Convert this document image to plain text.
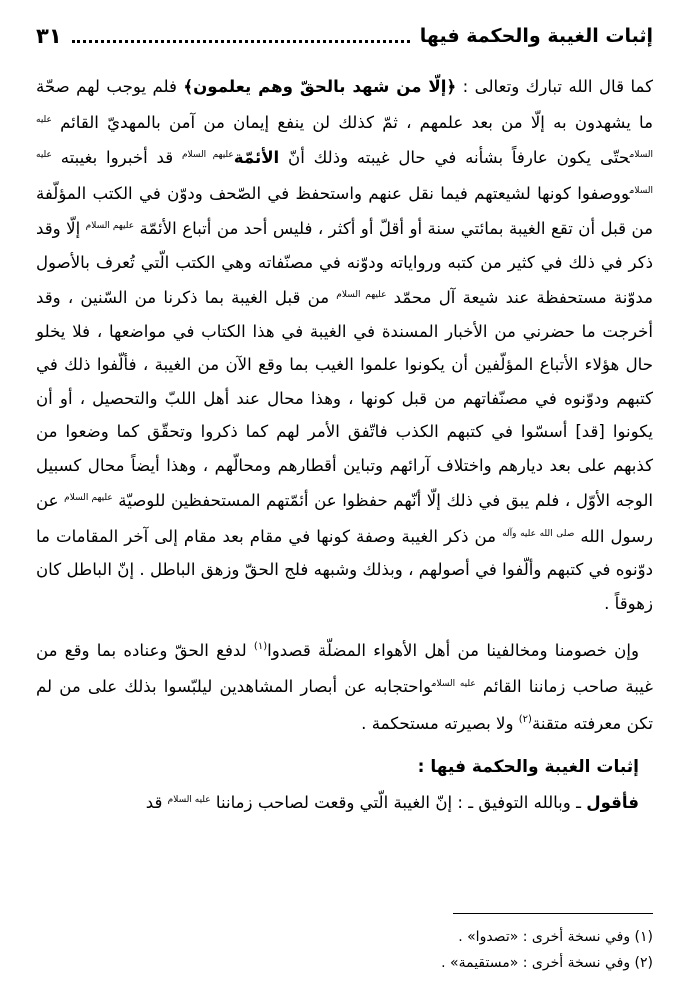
إثبات الغيبة والحكمة فيها
٣١

كما قال الله تبارك وتعالى : ﴿إلّا من شهد بالحقّ وهم يعلمون﴾ فلم يوجب لهم صحّة ما يشهدون به إلّا من بعد علمهم ، ثمّ كذلك لن ينفع إيمان من آمن بالمهديّ القائم $^{عليه السلام}$حتّى يكون عارفاً بشأنه في حال غيبته وذلك أنّ الأئمّة$^{عليهم السلام}$ قد أخبروا بغيبته $^{عليه السلام}$ووصفوا كونها لشيعتهم فيما نقل عنهم واستحفظ في الصّحف ودوّن في الكتب المؤلّفة من قبل أن تقع الغيبة بمائتي سنة أو أقلّ أو أكثر ، فليس أحد من أتباع الأئمّة $^{عليهم السلام}$ إلّا وقد ذكر في ذلك في كثير من كتبه ورواياته ودوّنه في مصنّفاته وهي الكتب الّتي تُعرف بالأصول مدوّنة مستحفظة عند شيعة آل محمّد $^{عليهم السلام}$ من قبل الغيبة بما ذكرنا من السّنين ، وقد أخرجت ما حضرني من الأخبار المسندة في الغيبة في هذا الكتاب في مواضعها ، فلا يخلو حال هؤلاء الأتباع المؤلّفين أن يكونوا علموا الغيب بما وقع الآن من الغيبة ، فألّفوا ذلك في كتبهم ودوّنوه في مصنّفاتهم من قبل كونها ، وهذا محال عند أهل اللبّ والتحصيل ، أو أن يكونوا [قد] أسسّوا في كتبهم الكذب فاتّفق الأمر لهم كما ذكروا وتحقّق كما وضعوا من كذبهم على بعد ديارهم واختلاف آرائهم وتباين أقطارهم ومحالّهم ، وهذا أيضاً محال كسبيل الوجه الأوّل ، فلم يبق في ذلك إلّا أنّهم حفظوا عن أئمّتهم المستحفظين للوصيّة $^{عليهم السلام}$ عن رسول الله $^{صلى الله عليه وآله}$ من ذكر الغيبة وصفة كونها في مقام بعد مقام إلى آخر المقامات ما دوّنوه في كتبهم وألّفوا في أصولهم ، وبذلك وشبهه فلج الحقّ وزهق الباطل . إنّ الباطل كان زهوقاً .

وإن خصومنا ومخالفينا من أهل الأهواء المضلّة قصدوا$^{(١)}$ لدفع الحقّ وعناده بما وقع من غيبة صاحب زماننا القائم $^{عليه السلام}$واحتجابه عن أبصار المشاهدين ليلبّسوا بذلك على من لم تكن معرفته متقنة$^{(٢)}$ ولا بصيرته مستحكمة .

إثبات الغيبة والحكمة فيها :

فأقول ـ وبالله التوفيق ـ : إنّ الغيبة الّتي وقعت لصاحب زماننا $^{عليه السلام}$ قد

(١) وفي نسخة أخرى : «تصدوا» .
(٢) وفي نسخة أخرى : «مستقيمة» .
